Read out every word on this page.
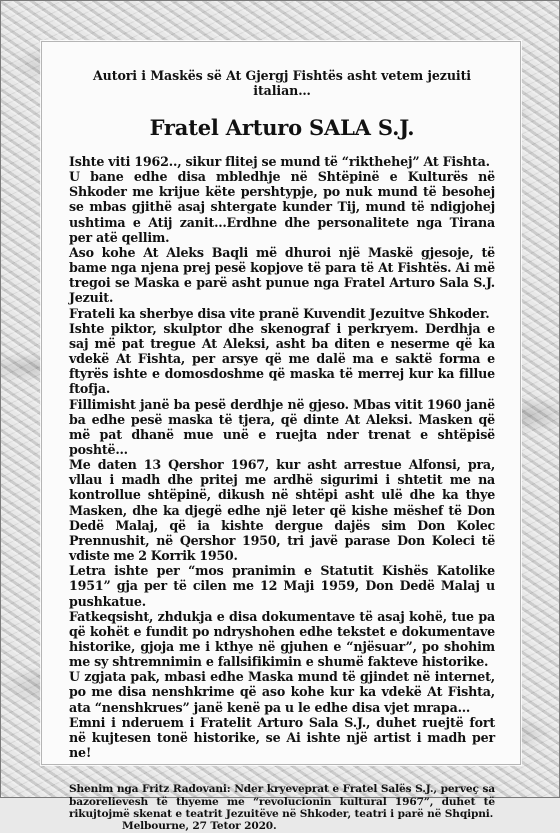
Autori i Maskës së At Gjergj Fishtës asht vetem jezuiti italian…

Fratel Arturo SALA S.J.

Ishte viti 1962.., sikur flitej se mund të “rikthehej” At Fishta.

U bane edhe disa mbledhje në Shtëpinë e Kulturës në Shkoder me krijue këte pershtypje, po nuk mund të besohej se mbas gjithë asaj shtergate kunder Tij, mund të ndigjohej ushtima e Atij zanit…Erdhne dhe personalitete nga Tirana per atë qellim.

Aso kohe At Aleks Baqli më dhuroi një Maskë gjesoje, të bame nga njena prej pesë kopjove të para të At Fishtës. Ai më tregoi se Maska e parë asht punue nga Fratel Arturo Sala S.J. Jezuit.

Frateli ka sherbye disa vite pranë Kuvendit Jezuitve Shkoder.

Ishte piktor, skulptor dhe skenograf i perkryem. Derdhja e saj më pat tregue At Aleksi, asht ba diten e neserme që ka vdekë At Fishta, per arsye që me dalë ma e saktë forma e ftyrës ishte e domosdoshme që maska të merrej kur ka fillue ftofja.

Fillimisht janë ba pesë derdhje në gjeso. Mbas vitit 1960 janë ba edhe pesë maska të tjera, që dinte At Aleksi. Masken që më pat dhanë mue unë e ruejta nder trenat e shtëpisë poshtë…

Me daten 13 Qershor 1967, kur asht arrestue Alfonsi, pra, vllau i madh dhe pritej me ardhë sigurimi i shtetit me na kontrollue shtëpinë, dikush në shtëpi asht ulë dhe ka thye Masken, dhe ka djegë edhe një leter që kishe mëshef të Don Dedë Malaj, që ia kishte dergue dajës sim Don Kolec Prennushit, në Qershor 1950, tri javë parase Don Koleci të vdiste me 2 Korrik 1950.

Letra ishte per “mos pranimin e Statutit Kishës Katolike 1951” gja per të cilen me 12 Maji 1959, Don Dedë Malaj u pushkatue.

Fatkeqsisht, zhdukja e disa dokumentave të asaj kohë, tue pa që kohët e fundit po ndryshohen edhe tekstet e dokumentave historike, gjoja me i kthye në gjuhen e “njësuar”, po shohim me sy shtremnimin e fallsifikimin e shumë fakteve historike.

U zgjata pak, mbasi edhe Maska mund të gjindet në internet, po me disa nenshkrime që aso kohe kur ka vdekë At Fishta, ata “nenshkrues” janë kenë pa u le edhe disa vjet mrapa…

Emni i nderuem i Fratelit Arturo Sala S.J., duhet ruejtë fort në kujtesen tonë historike, se Ai ishte një artist i madh per ne!

Shenim nga Fritz Radovani: Nder kryeveprat e Fratel Salës S.J., perveç sa bazorelievesh të thyeme me “revolucionin kultural 1967”, duhet të rikujtojmë skenat e teatrit Jezuitëve në Shkoder, teatri i parë në Shqipni.
Melbourne, 27 Tetor 2020.
